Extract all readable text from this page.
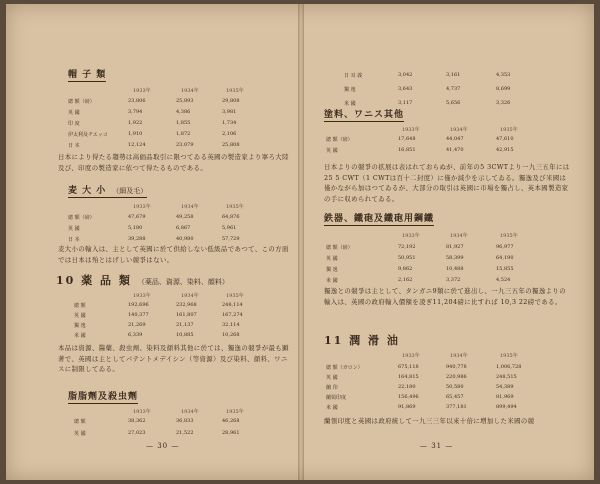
帽 子 類
1933年	1934年	1935年
總 額（磅）	23,806	25,893	29,808
英 國	3,794	4,386	3,981
印 度	1,922	1,855	1,734
伊太利及チエッコ	1,910	1,872	2,106
日 本	12,124	23,079	25,808
日本により得たる趨勢は高価品取引に限つてゐる英國の製造家より寧ろ大陸及び、印度の製造家に依つて得たるものである。
麦 大 小 （細及毛）
1933年	1934年	1935年
總 額（磅）	47,679	49,258	64,876
英 國	5,180	6,867	5,961
日 本	39,288	40,980	57,729
麦大小の輸入は、主として英國に於て供給しない低級品であつて、この方面では日本は殆とはげしい競爭はない。
10 薬 品 類 （薬品、資源、染料、顔料）
1933年	1934年	1935年
總 額	192,696	232,968	248,114
英 國	140,377	161,807	167,274
獨 逸	21,269	21,137	32,114
米 國	6,339	10,885	10,268
本品は資源、醫藥、殺虫劑、染料及顔料其他に於ては、獨逸の競爭が最も顕著で、英國は主としてパテントメデイシン（等資源）及び染料、顔料、ワニスに制限してゐる。
脂脂劑及殺虫劑
1933年	1934年	1935年
總 額	38,362	36,833	46,268
英 國	27,023	21,522	28,961
— 30 —
日 耳 義	3,042	3,161	4,353
獨 逸	3,643	4,737	8,699
米 國	3,117	5,656	3,326
塗料、ワニス其他
1933年	1934年	1935年
總 額（磅）	17,648	44,047	47,610
英 國	16,851	41,470	42,915
日本よりの競爭の拡展は表はれておらぬが、前年の5 3CWTより一九三五年には 25 5 CWT（1 CWTは百十二封度）に僅か減少を示してゐる。獨逸及び米國は僅かながら加はつてゐるが、大部分の取引は英國に市場を獨占し、英本國製造家の手に収められてゐる。
鉄器、鐵砲及鐵砲用鋼鐵
1933年	1934年	1935年
總 額（磅）	72,192	81,927	96,977
英 國	50,951	58,399	64,190
獨 逸	9,862	10,488	15,855
米 國	2,162	3,372	4,524
獨逸との競爭は主として、タンガニ9類に於て進出し、一九三五年の獨逸よりの輸入は、英國の政府輸入價額を凌ぎ11,204磅に比すれば 10,3 22磅である。
11 潤 滑 油
1933年	1934年	1935年
總 額（ガロン）	675,118	940,778	1,006,728
英 國	164,815	220,986	248,515
蘭 印	22,180	50,580	54,389
蘭領印度	156,496	65,457	81,969
米 國	91,869	377,181	899,494
蘭領印度と英國は政府統して一九三三年以來十倍に増加した米國の競
— 31 —
